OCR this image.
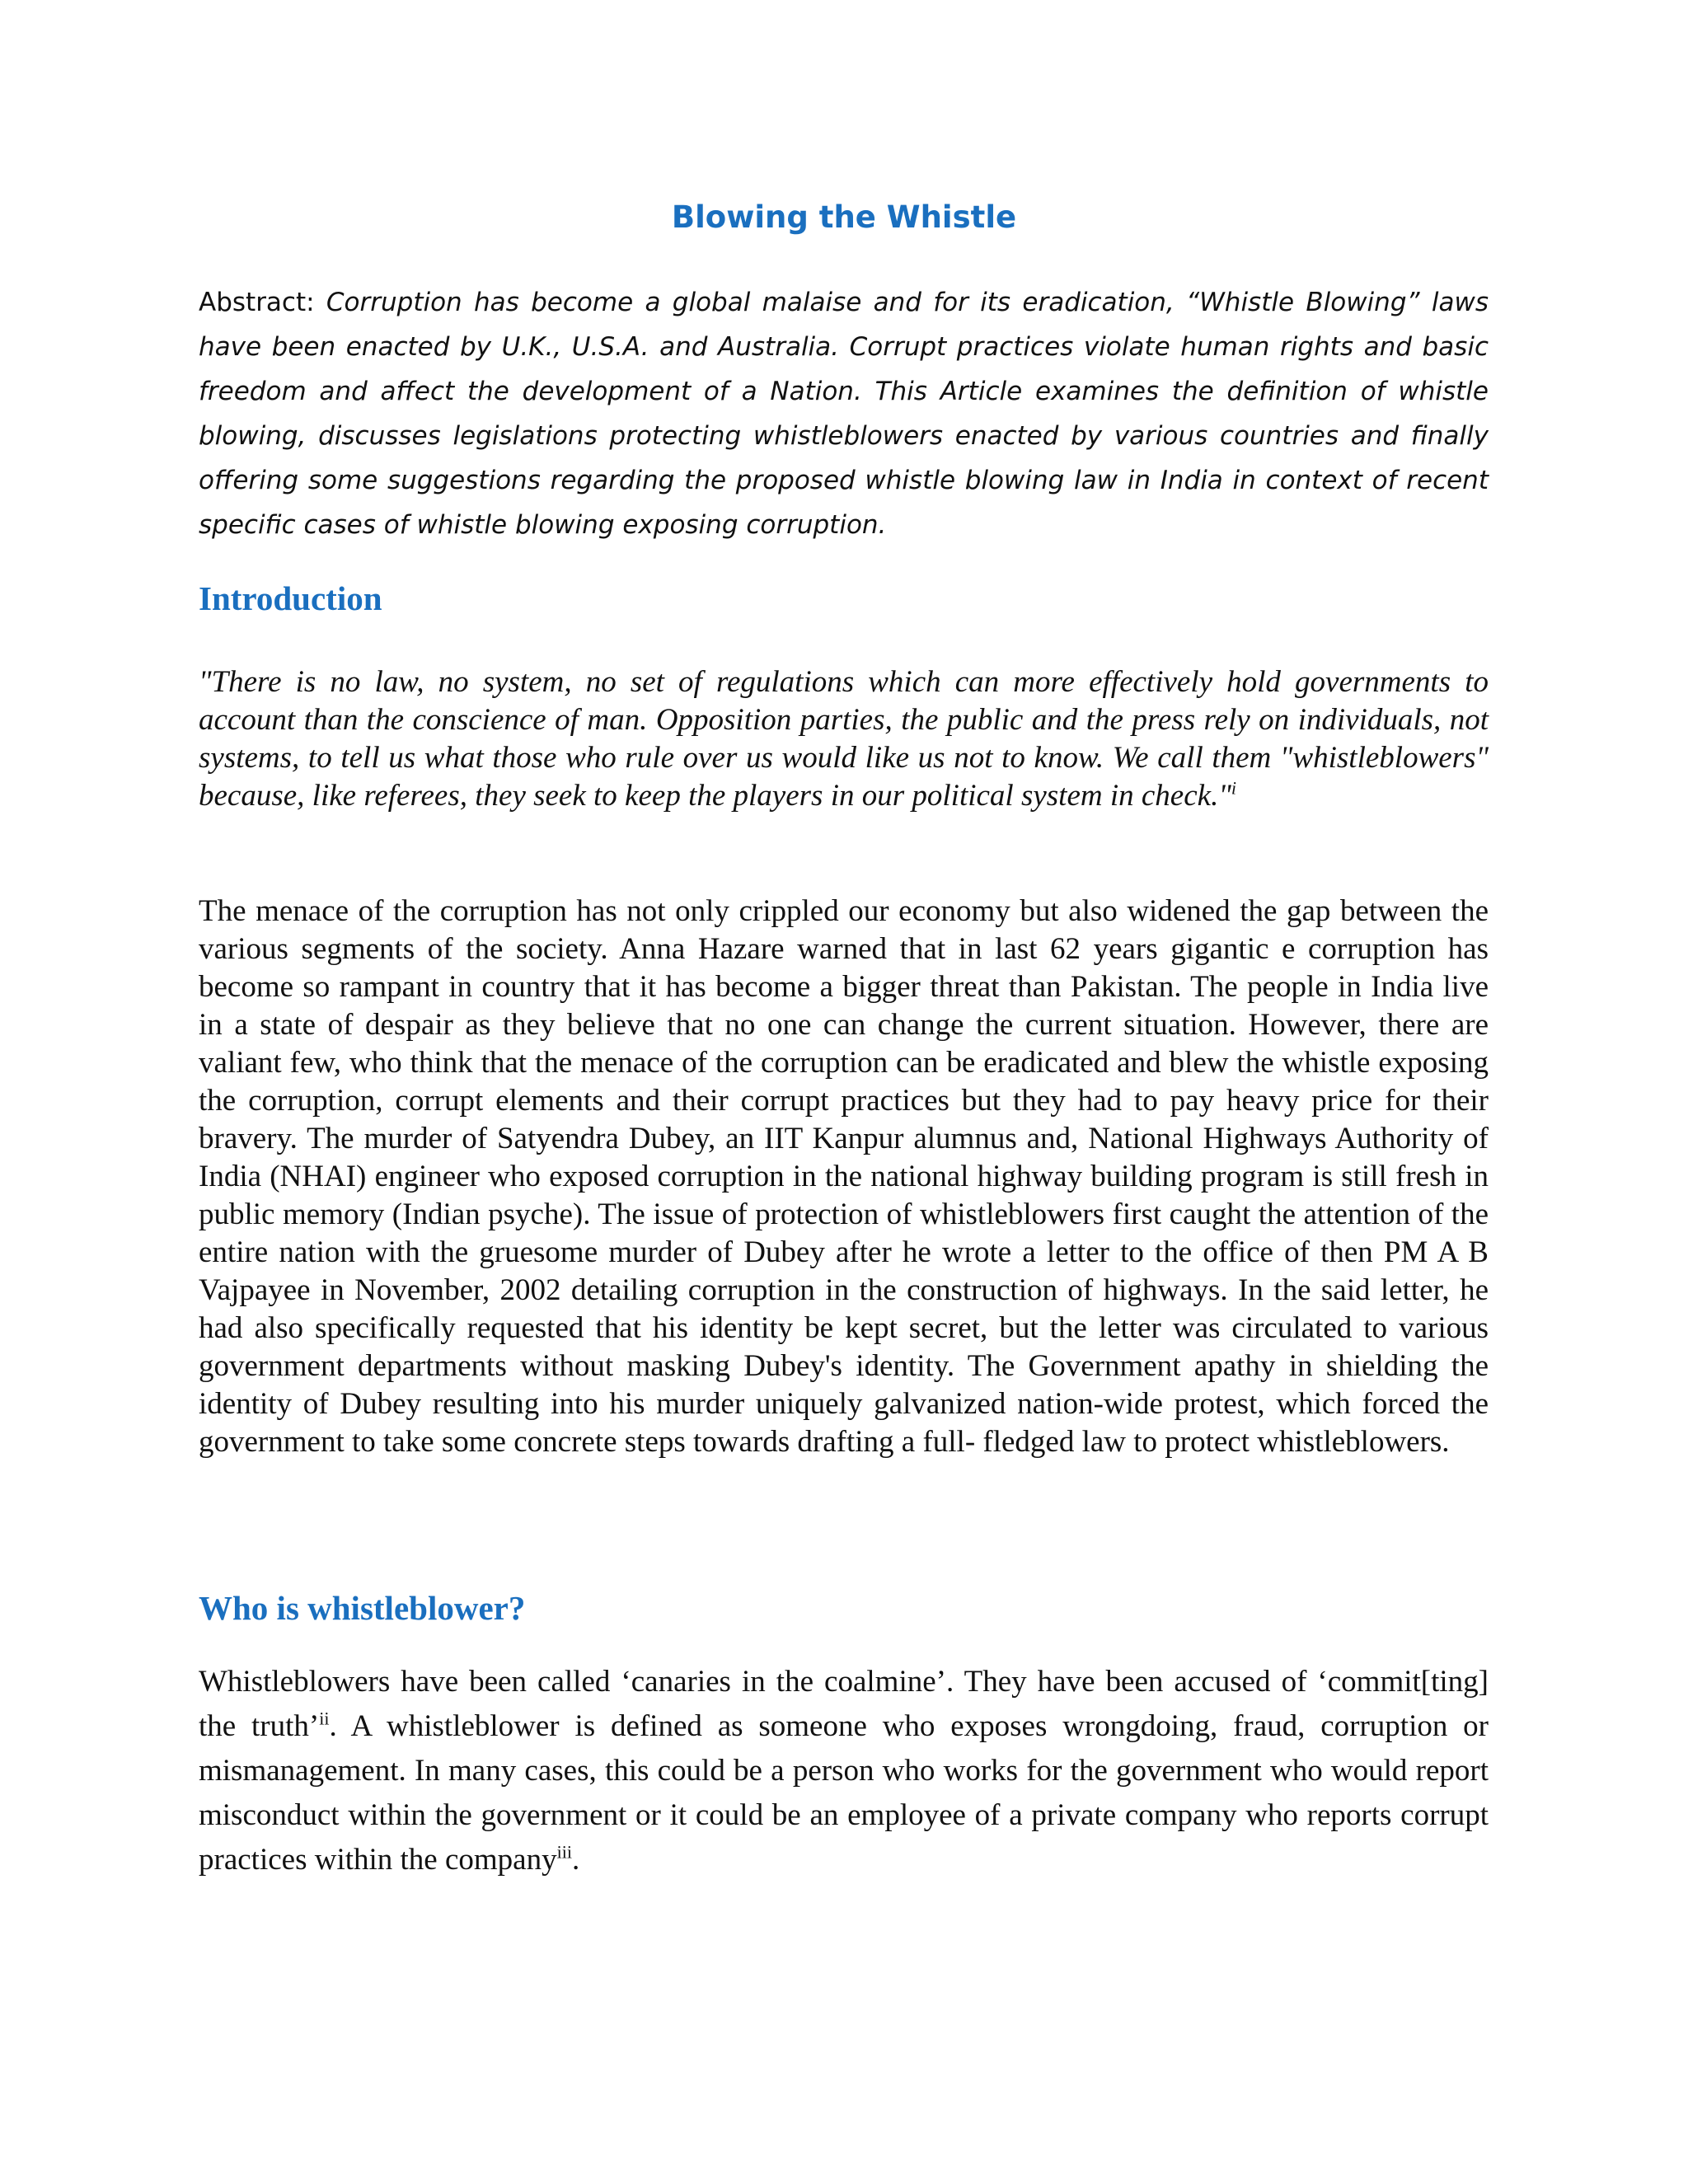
Blowing the Whistle

Abstract: Corruption has become a global malaise and for its eradication, “Whistle Blowing” laws have been enacted by U.K., U.S.A. and Australia. Corrupt practices violate human rights and basic freedom and affect the development of a Nation. This Article examines the definition of whistle blowing, discusses legislations protecting whistleblowers enacted by various countries and finally offering some suggestions regarding the proposed whistle blowing law in India in context of recent specific cases of whistle blowing exposing corruption.

Introduction

"There is no law, no system, no set of regulations which can more effectively hold governments to account than the conscience of man. Opposition parties, the public and the press rely on individuals, not systems, to tell us what those who rule over us would like us not to know. We call them "whistleblowers" because, like referees, they seek to keep the players in our political system in check."$^i$

The menace of the corruption has not only crippled our economy but also widened the gap between the various segments of the society. Anna Hazare warned that in last 62 years gigantic e corruption has become so rampant in country that it has become a bigger threat than Pakistan. The people in India live in a state of despair as they believe that no one can change the current situation. However, there are valiant few, who think that the menace of the corruption can be eradicated and blew the whistle exposing the corruption, corrupt elements and their corrupt practices but they had to pay heavy price for their bravery. The murder of Satyendra Dubey, an IIT Kanpur alumnus and, National Highways Authority of India (NHAI) engineer who exposed corruption in the national highway building program is still fresh in public memory (Indian psyche). The issue of protection of whistleblowers first caught the attention of the entire nation with the gruesome murder of Dubey after he wrote a letter to the office of then PM A B Vajpayee in November, 2002 detailing corruption in the construction of highways. In the said letter, he had also specifically requested that his identity be kept secret, but the letter was circulated to various government departments without masking Dubey's identity. The Government apathy in shielding the identity of Dubey resulting into his murder uniquely galvanized nation-wide protest, which forced the government to take some concrete steps towards drafting a full- fledged law to protect whistleblowers.

Who is whistleblower?

Whistleblowers have been called ‘canaries in the coalmine’. They have been accused of ‘commit[ting] the truth’$^{ii}$. A whistleblower is defined as someone who exposes wrongdoing, fraud, corruption or mismanagement. In many cases, this could be a person who works for the government who would report misconduct within the government or it could be an employee of a private company who reports corrupt practices within the company$^{iii}$.
